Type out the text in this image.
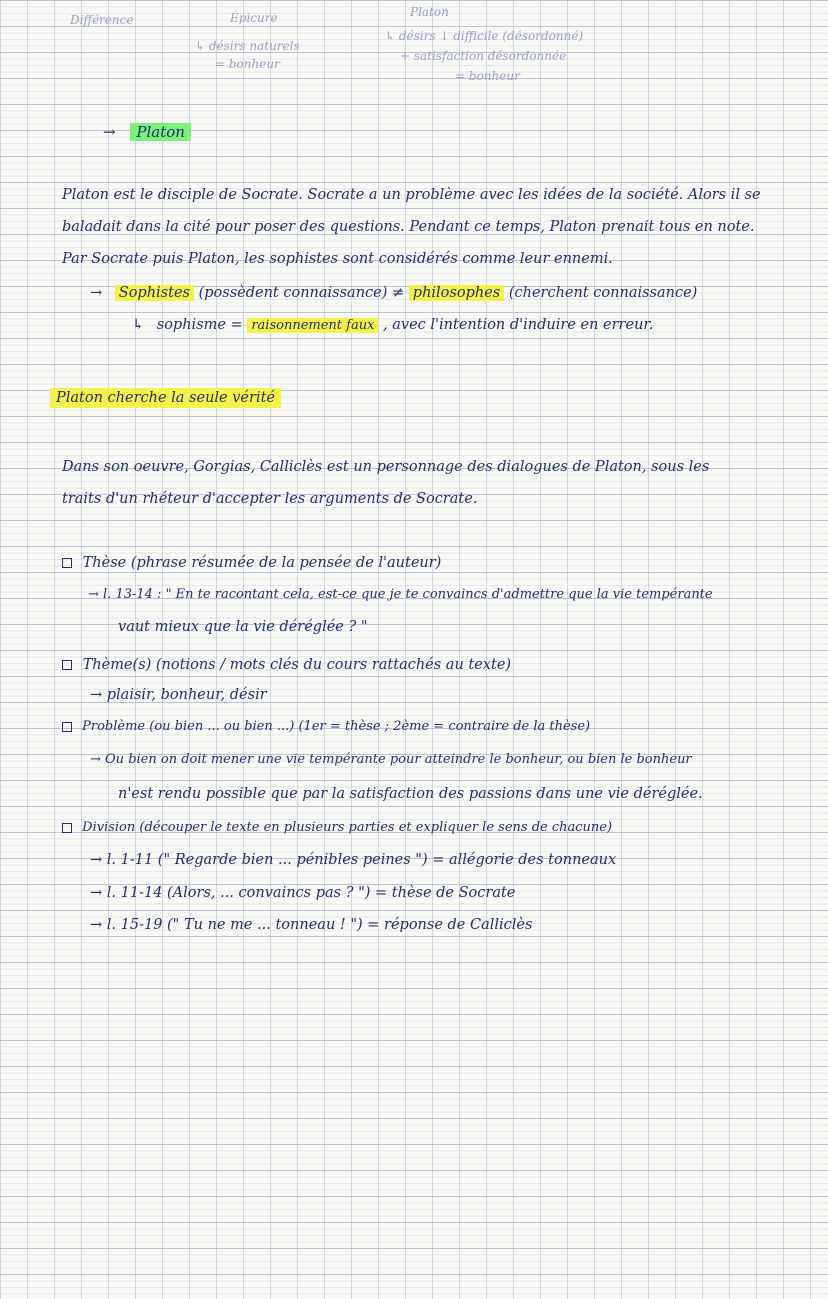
Différence	Épicure
↳ désirs naturels
= bonheur
Platon
↳ désirs ↓ difficile (désordonné)
+ satisfaction désordonnée
= bonheur
→ Platon
Platon est le disciple de Socrate. Socrate a un problème avec les idées de la société. Alors il se
baladait dans la cité pour poser des questions. Pendant ce temps, Platon prenait tous en note.
Par Socrate puis Platon, les sophistes sont considérés comme leur ennemi.
→ Sophistes (possèdent connaissance) ≠ philosophes (cherchent connaissance)
↳ sophisme = raisonnement faux , avec l'intention d'induire en erreur.
Platon cherche la seule vérité
Dans son oeuvre, Gorgias, Calliclès est un personnage des dialogues de Platon, sous les
traits d'un rhéteur d'accepter les arguments de Socrate.
Thèse (phrase résumée de la pensée de l'auteur)
→ l. 13-14 : " En te racontant cela, est-ce que je te convaincs d'admettre que la vie tempérante
vaut mieux que la vie déréglée ? "
Thème(s) (notions / mots clés du cours rattachés au texte)
→ plaisir, bonheur, désir
Problème (ou bien ... ou bien ...) (1er = thèse ; 2ème = contraire de la thèse)
→ Ou bien on doit mener une vie tempérante pour atteindre le bonheur, ou bien le bonheur
n'est rendu possible que par la satisfaction des passions dans une vie déréglée.
Division (découper le texte en plusieurs parties et expliquer le sens de chacune)
→ l. 1-11 (" Regarde bien ... pénibles peines ") = allégorie des tonneaux
→ l. 11-14 (Alors, ... convaincs pas ? ") = thèse de Socrate
→ l. 15-19 (" Tu ne me ... tonneau ! ") = réponse de Calliclès
